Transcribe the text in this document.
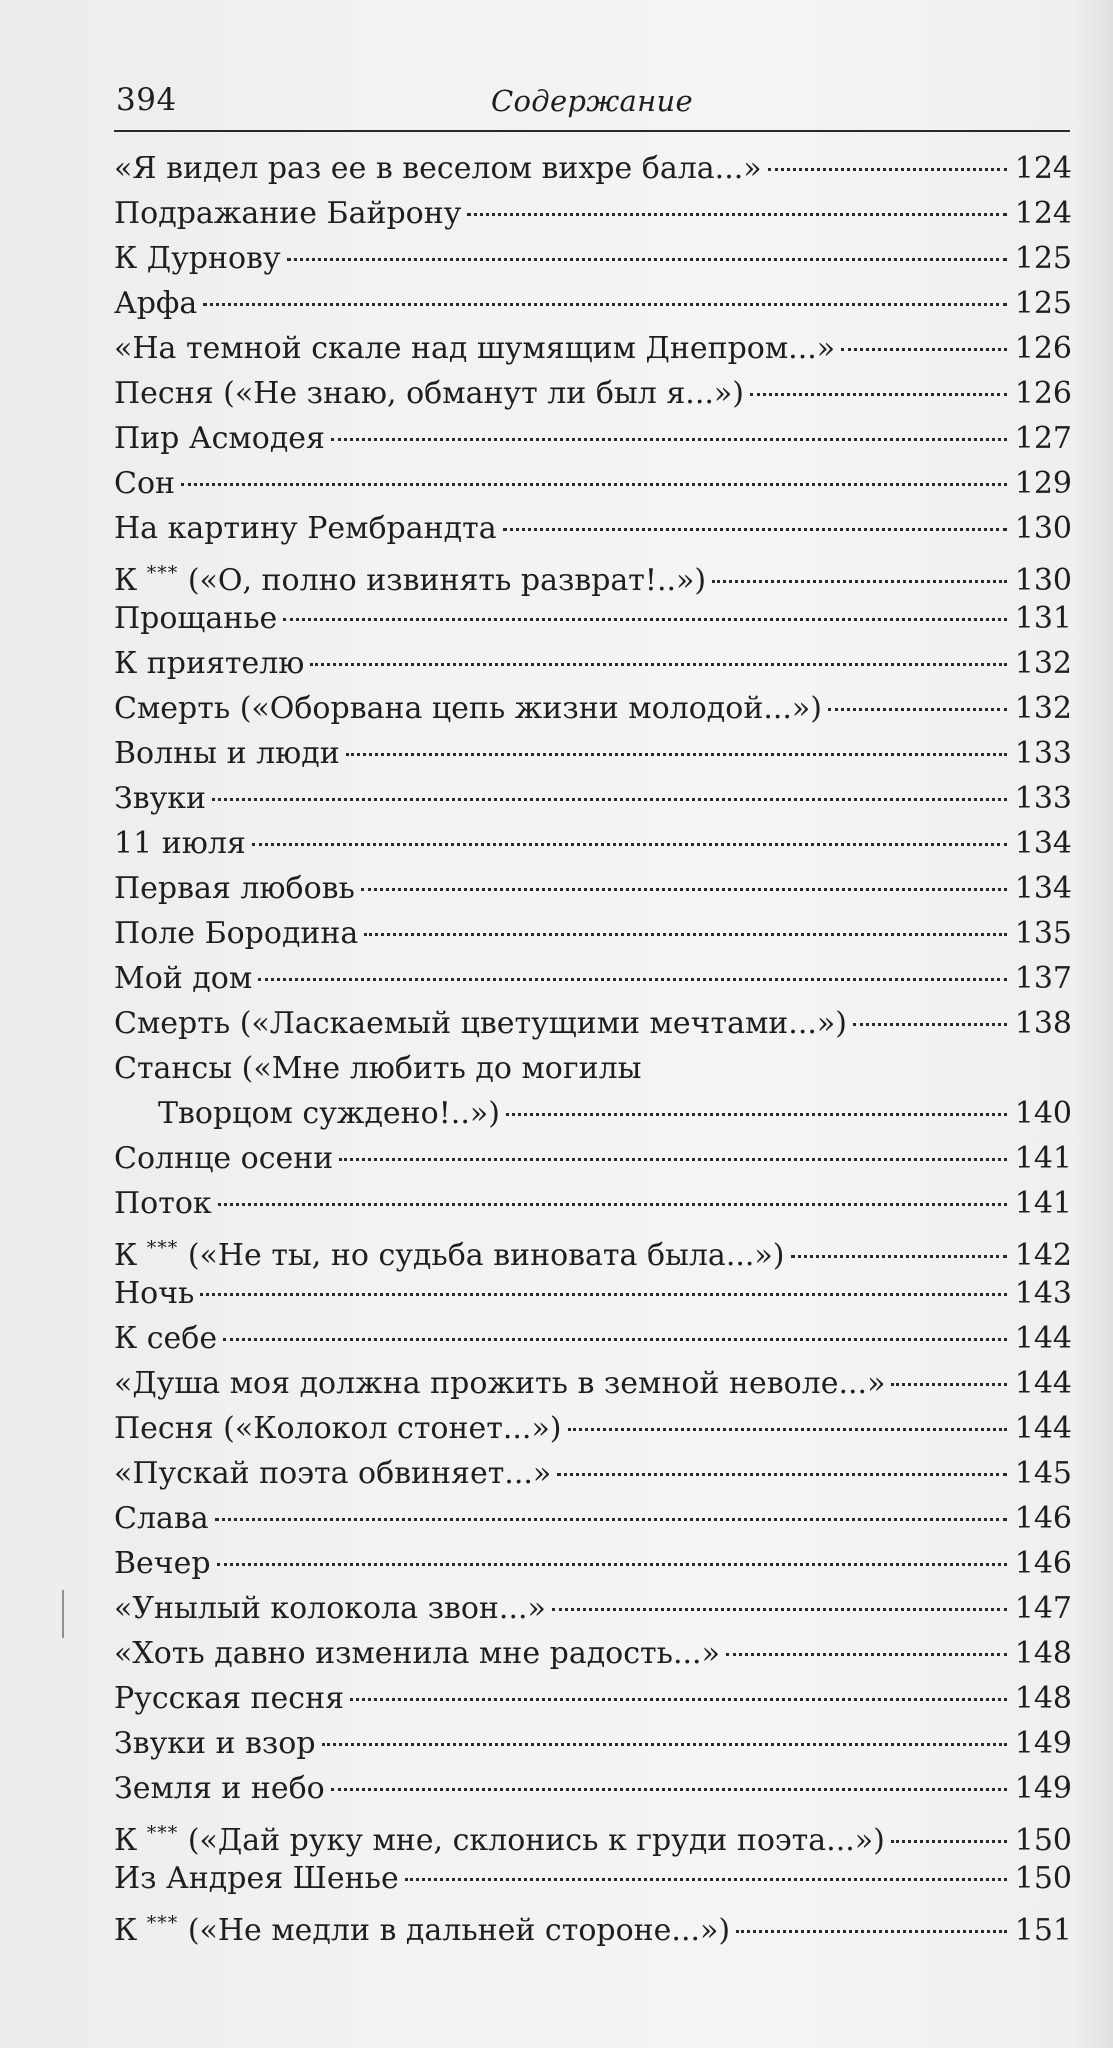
394	Содержание
«Я видел раз ее в веселом вихре бала...»	124
Подражание Байрону	124
К Дурнову	125
Арфа	125
«На темной скале над шумящим Днепром...»	126
Песня («Не знаю, обманут ли был я...»)	126
Пир Асмодея	127
Сон	129
На картину Рембрандта	130
К *** («О, полно извинять разврат!..»)	130
Прощанье	131
К приятелю	132
Смерть («Оборвана цепь жизни молодой...»)	132
Волны и люди	133
Звуки	133
11 июля	134
Первая любовь	134
Поле Бородина	135
Мой дом	137
Смерть («Ласкаемый цветущими мечтами...»)	138
Стансы («Мне любить до могилы
Творцом суждено!..»)	140
Солнце осени	141
Поток	141
К *** («Не ты, но судьба виновата была...»)	142
Ночь	143
К себе	144
«Душа моя должна прожить в земной неволе...»	144
Песня («Колокол стонет...»)	144
«Пускай поэта обвиняет...»	145
Слава	146
Вечер	146
«Унылый колокола звон...»	147
«Хоть давно изменила мне радость...»	148
Русская песня	148
Звуки и взор	149
Земля и небо	149
К *** («Дай руку мне, склонись к груди поэта...»)	150
Из Андрея Шенье	150
К *** («Не медли в дальней стороне...»)	151
